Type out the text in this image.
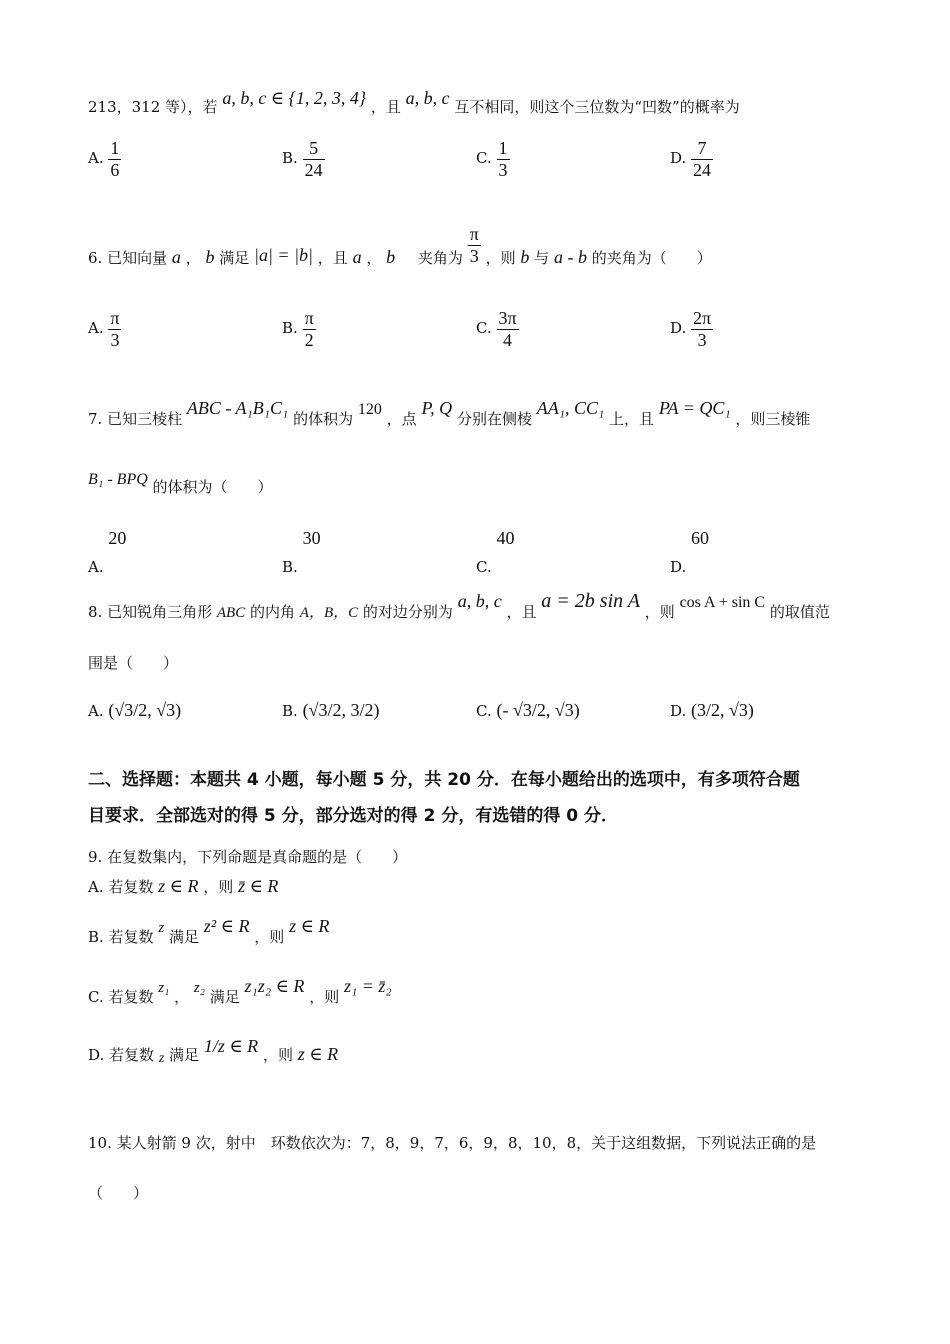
213，312 等），若 a, b, c ∈ {1, 2, 3, 4} ，且 a, b, c 互不相同，则这个三位数为“凹数”的概率为
A. $\frac{1}{6}$	B. $\frac{5}{24}$	C. $\frac{1}{3}$	D. $\frac{7}{24}$
6. 已知向量 a ， b 满足 |a| = |b| ，且 a ， b 夹角为 $\frac{\pi}{3}$ ，则 b 与 a - b 的夹角为（　　）
A. $\frac{\pi}{3}$	B. $\frac{\pi}{2}$	C. $\frac{3\pi}{4}$	D. $\frac{2\pi}{3}$
7. 已知三棱柱 ABC - A₁B₁C₁ 的体积为 120 ，点 P, Q 分别在侧棱 AA₁, CC₁ 上，且 PA = QC₁ ，则三棱锥
B₁ - BPQ 的体积为（　　）
A. 20
B. 30
C. 40
D. 60
8. 已知锐角三角形 ABC 的内角 A，B，C 的对边分别为 a, b, c ，且 a = 2b sin A ，则 cos A + sin C 的取值范
围是（　　）
A. (√3/2, √3)	B. (√3/2, 3/2)	C. (- √3/2, √3)	D. (3/2, √3)
二、选择题：本题共 4 小题，每小题 5 分，共 20 分．在每小题给出的选项中，有多项符合题
目要求．全部选对的得 5 分，部分选对的得 2 分，有选错的得 0 分．
9. 在复数集内，下列命题是真命题的是（　　）
A. 若复数 z ∈ R ，则 z̄ ∈ R
B. 若复数 z 满足 z² ∈ R ，则 z ∈ R
C. 若复数 z₁ ， z₂ 满足 z₁z₂ ∈ R ，则 z₁ = z̄₂
D. 若复数 z 满足 1/z ∈ R ，则 z ∈ R
10. 某人射箭 9 次，射中　环数依次为：7，8，9，7，6，9，8，10，8，关于这组数据，下列说法正确的是
（　　）
